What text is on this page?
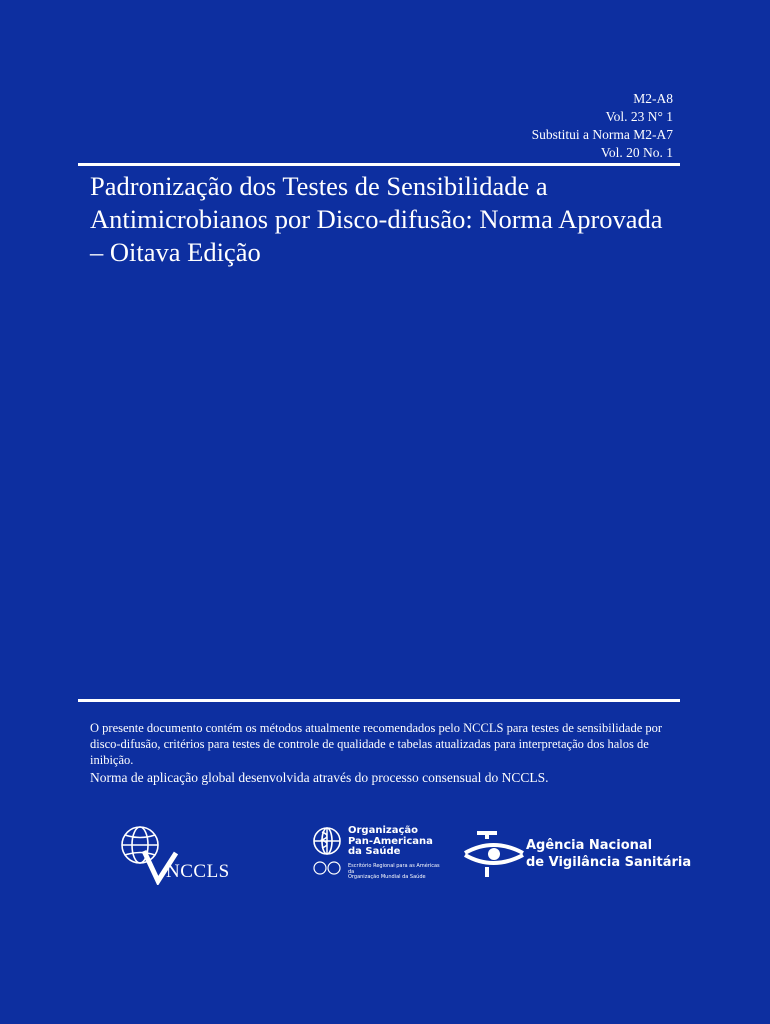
M2-A8
Vol. 23 N° 1
Substitui a Norma M2-A7
Vol. 20 No. 1
Padronização dos Testes de Sensibilidade a Antimicrobianos por Disco-difusão: Norma Aprovada – Oitava Edição

O presente documento contém os métodos atualmente recomendados pelo NCCLS para testes de sensibilidade por disco-difusão, critérios para testes de controle de qualidade e tabelas atualizadas para interpretação dos halos de inibição.

Norma de aplicação global desenvolvida através do processo consensual do NCCLS.

NCCLS
Organização
Pan-Americana
da Saúde
Escritório Regional para as Américas da
Organização Mundial da Saúde
Agência Nacional
de Vigilância Sanitária
